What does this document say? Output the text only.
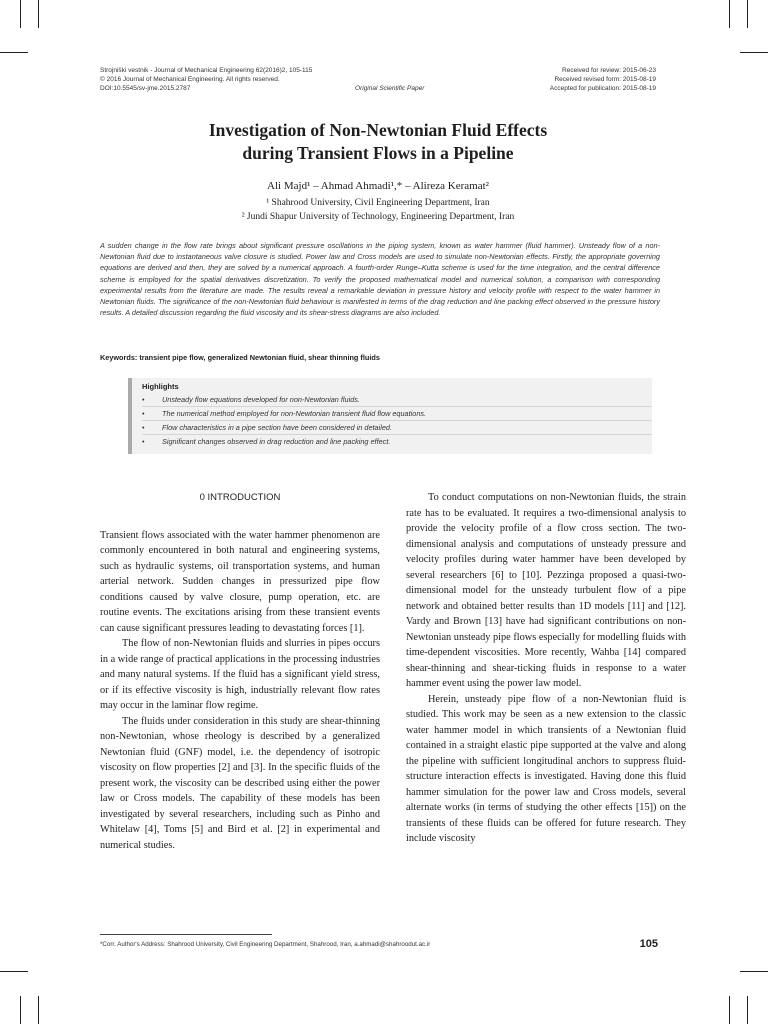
Strojniški vestnik - Journal of Mechanical Engineering 62(2016)2, 105-115
© 2016 Journal of Mechanical Engineering. All rights reserved.
DOI:10.5545/sv-jme.2015.2787	Original Scientific Paper
Received for review: 2015-06-23
Received revised form: 2015-08-19
Accepted for publication: 2015-08-19
Investigation of Non-Newtonian Fluid Effects
during Transient Flows in a Pipeline
Ali Majd¹ – Ahmad Ahmadi¹,* – Alireza Keramat²
¹ Shahrood University, Civil Engineering Department, Iran
² Jundi Shapur University of Technology, Engineering Department, Iran
A sudden change in the flow rate brings about significant pressure oscillations in the piping system, known as water hammer (fluid hammer). Unsteady flow of a non-Newtonian fluid due to instantaneous valve closure is studied. Power law and Cross models are used to simulate non-Newtonian effects. Firstly, the appropriate governing equations are derived and then, they are solved by a numerical approach. A fourth-order Runge–Kutta scheme is used for the time integration, and the central difference scheme is employed for the spatial derivatives discretization. To verify the proposed mathematical model and numerical solution, a comparison with corresponding experimental results from the literature are made. The results reveal a remarkable deviation in pressure history and velocity profile with respect to the water hammer in Newtonian fluids. The significance of the non-Newtonian fluid behaviour is manifested in terms of the drag reduction and line packing effect observed in the pressure history results. A detailed discussion regarding the fluid viscosity and its shear-stress diagrams are also included.
Keywords: transient pipe flow, generalized Newtonian fluid, shear thinning fluids
Highlights
• Unsteady flow equations developed for non-Newtonian fluids.
• The numerical method employed for non-Newtonian transient fluid flow equations.
• Flow characteristics in a pipe section have been considered in detailed.
• Significant changes observed in drag reduction and line packing effect.
0 INTRODUCTION

Transient flows associated with the water hammer phenomenon are commonly encountered in both natural and engineering systems, such as hydraulic systems, oil transportation systems, and human arterial network. Sudden changes in pressurized pipe flow conditions caused by valve closure, pump operation, etc. are routine events. The excitations arising from these transient events can cause significant pressures leading to devastating forces [1].

The flow of non-Newtonian fluids and slurries in pipes occurs in a wide range of practical applications in the processing industries and many natural systems. If the fluid has a significant yield stress, or if its effective viscosity is high, industrially relevant flow rates may occur in the laminar flow regime.

The fluids under consideration in this study are shear-thinning non-Newtonian, whose rheology is described by a generalized Newtonian fluid (GNF) model, i.e. the dependency of isotropic viscosity on flow properties [2] and [3]. In the specific fluids of the present work, the viscosity can be described using either the power law or Cross models. The capability of these models has been investigated by several researchers, including such as Pinho and Whitelaw [4], Toms [5] and Bird et al. [2] in experimental and numerical studies.

To conduct computations on non-Newtonian fluids, the strain rate has to be evaluated. It requires a two-dimensional analysis to provide the velocity profile of a flow cross section. The two-dimensional analysis and computations of unsteady pressure and velocity profiles during water hammer have been developed by several researchers [6] to [10]. Pezzinga proposed a quasi-two-dimensional model for the unsteady turbulent flow of a pipe network and obtained better results than 1D models [11] and [12]. Vardy and Brown [13] have had significant contributions on non-Newtonian unsteady pipe flows especially for modelling fluids with time-dependent viscosities. More recently, Wahba [14] compared shear-thinning and shear-ticking fluids in response to a water hammer event using the power law model.

Herein, unsteady pipe flow of a non-Newtonian fluid is studied. This work may be seen as a new extension to the classic water hammer model in which transients of a Newtonian fluid contained in a straight elastic pipe supported at the valve and along the pipeline with sufficient longitudinal anchors to suppress fluid-structure interaction effects is investigated. Having done this fluid hammer simulation for the power law and Cross models, several alternate works (in terms of studying the other effects [15]) on the transients of these fluids can be offered for future research. They include viscosity

*Corr. Author's Address: Shahrood University, Civil Engineering Department, Shahrood, Iran, a.ahmadi@shahroodut.ac.ir	105
